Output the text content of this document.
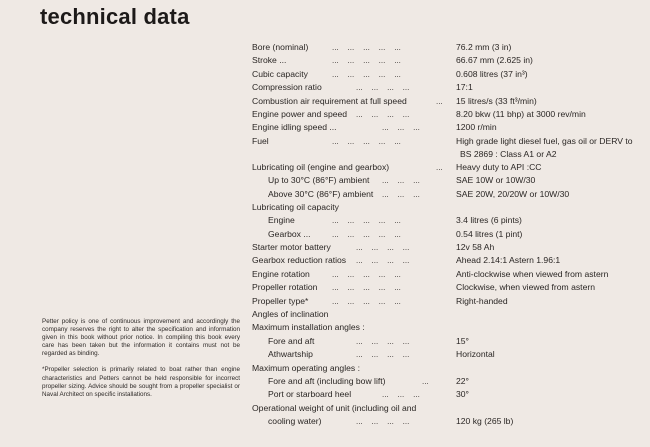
technical data

Petter policy is one of continuous improvement and accordingly the company reserves the right to alter the specification and information given in this book without prior notice. In compiling this book every care has been taken but the information it contains must not be regarded as binding.

*Propeller selection is primarily related to boat rather than engine characteristics and Petters cannot be held responsible for incorrect propeller sizing. Advice should be sought from a propeller specialist or Naval Architect on specific installations.

Bore (nominal)	...    ...    ...    ...    ...	76.2 mm (3 in)
Stroke ...	...    ...    ...    ...    ...	66.67 mm (2.625 in)
Cubic capacity	...    ...    ...    ...    ...	0.608 litres (37 in³)
Compression ratio	...    ...    ...    ...	17:1
Combustion air requirement at full speed	... 15 litres/s (33 ft³/min)
Engine power and speed ...    ...    ...    ...	8.20 bkw (11 bhp) at 3000 rev/min
Engine idling speed ...	...    ...    ...	1200 r/min
Fuel	...    ...    ...    ...    ...	High grade light diesel fuel, gas oil or DERV to
BS 2869 : Class A1 or A2
Lubricating oil (engine and gearbox)	... Heavy duty to API :CC
Up to 30°C (86°F) ambient ...    ...    ...	SAE 10W or 10W/30
Above 30°C (86°F) ambient ...    ...    ...	SAE 20W, 20/20W or 10W/30
Lubricating oil capacity
Engine	...    ...    ...    ...    ...	3.4 litres (6 pints)
Gearbox ...	...    ...    ...    ...    ...	0.54 litres (1 pint)
Starter motor battery	...    ...    ...    ...	12v 58 Ah
Gearbox reduction ratios ...    ...    ...    ...	Ahead 2.14:1 Astern 1.96:1
Engine rotation	...    ...    ...    ...    ...	Anti-clockwise when viewed from astern
Propeller rotation ...    ...    ...    ...    ...	Clockwise, when viewed from astern
Propeller type*	...    ...    ...    ...    ...	Right-handed
Angles of inclination
Maximum installation angles :
Fore and aft	...    ...    ...    ...	15°
Athwartship	...    ...    ...    ...	Horizontal
Maximum operating angles :
Fore and aft (including bow lift)	...	22°
Port or starboard heel	...    ...    ...	30°
Operational weight of unit (including oil and
cooling water)	...    ...    ...    ...	120 kg (265 lb)
